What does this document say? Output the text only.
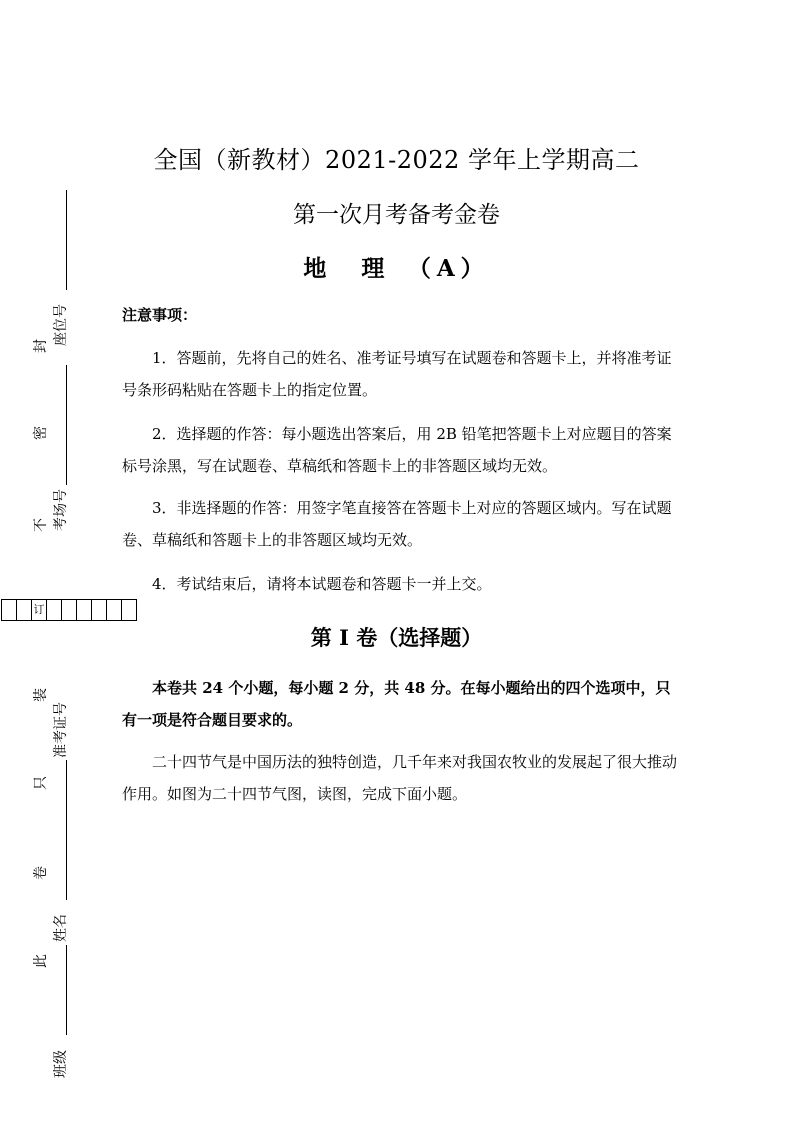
全国（新教材）2021-2022 学年上学期高二
第一次月考备考金卷
地　理　（A）
注意事项：
1．答题前，先将自己的姓名、准考证号填写在试题卷和答题卡上，并将准考证号条形码粘贴在答题卡上的指定位置。
2．选择题的作答：每小题选出答案后，用 2B 铅笔把答题卡上对应题目的答案标号涂黑，写在试题卷、草稿纸和答题卡上的非答题区域均无效。
3．非选择题的作答：用签字笔直接答在答题卡上对应的答题区域内。写在试题卷、草稿纸和答题卡上的非答题区域均无效。
4．考试结束后，请将本试题卷和答题卡一并上交。
第 I 卷（选择题）
本卷共 24 个小题，每小题 2 分，共 48 分。在每小题给出的四个选项中，只有一项是符合题目要求的。
二十四节气是中国历法的独特创造，几千年来对我国农牧业的发展起了很大推动作用。如图为二十四节气图，读图，完成下面小题。
封
密
不
装
只
卷
此
座位号
考场号
准考证号
姓名
班级
订
